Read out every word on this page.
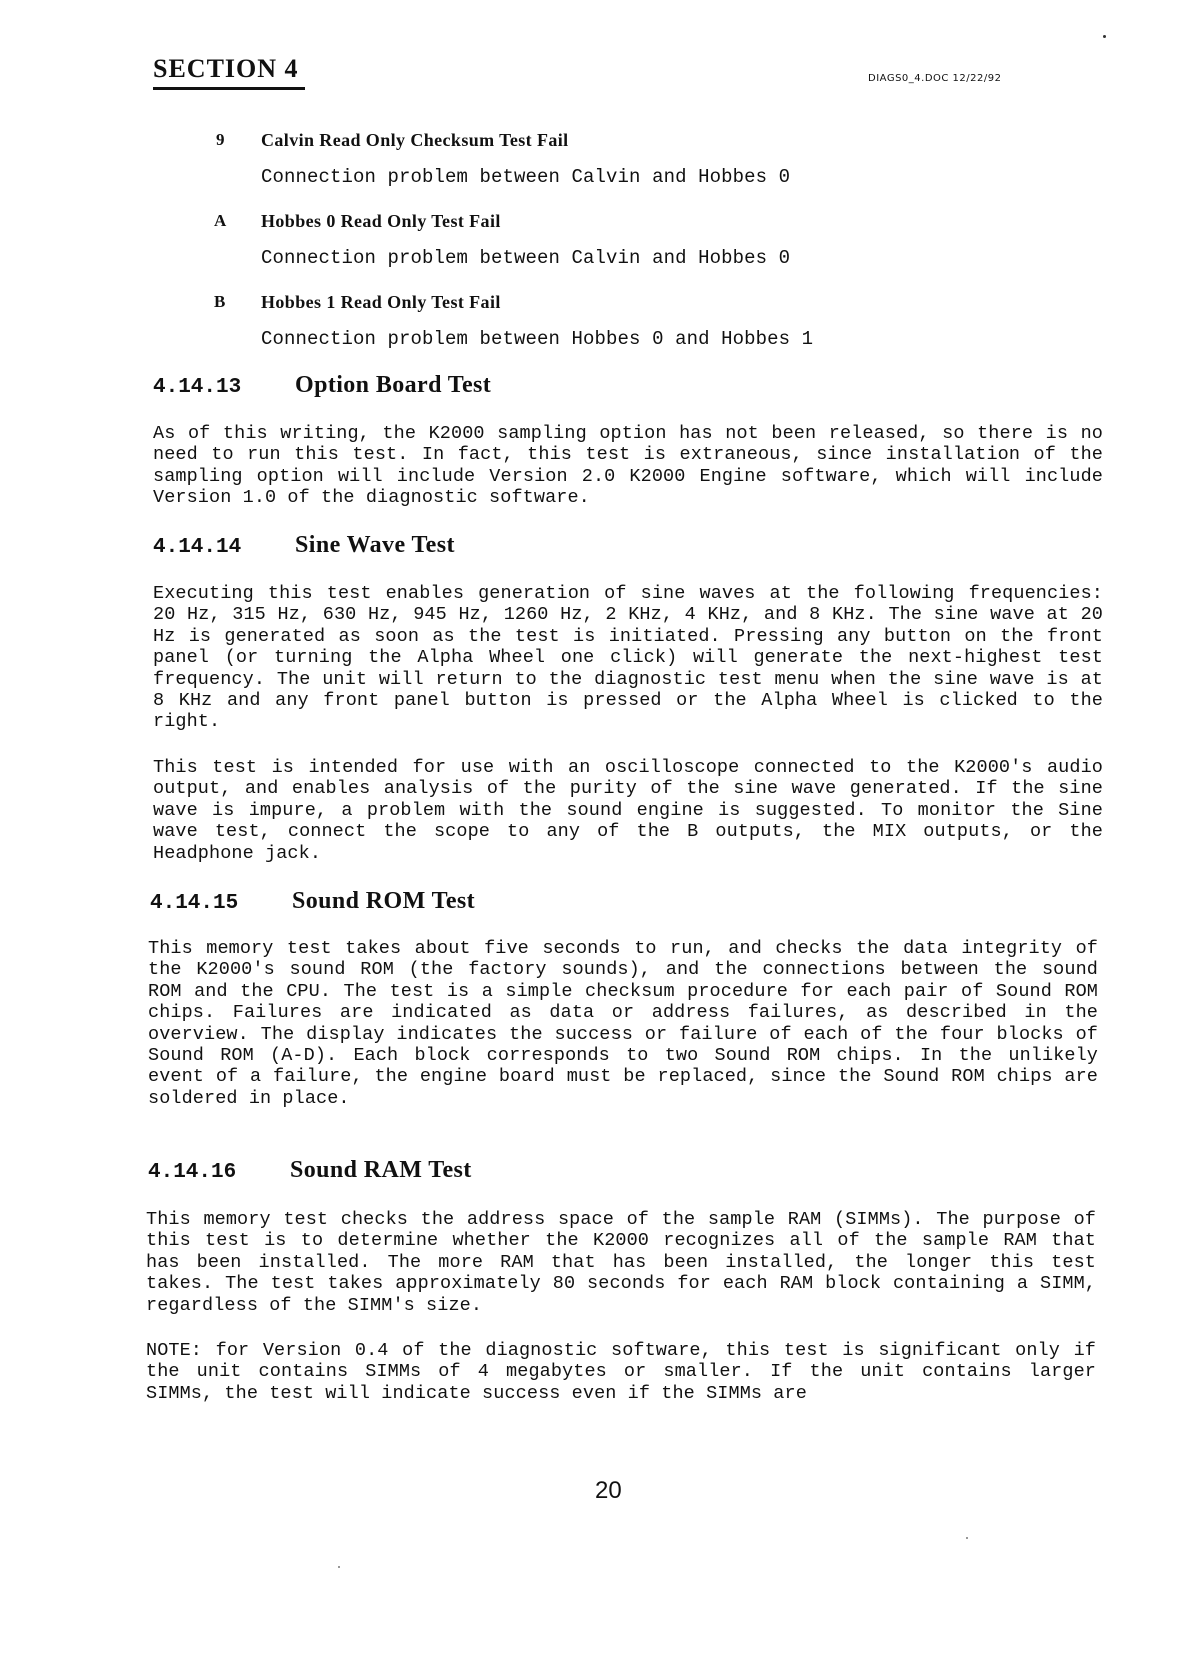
SECTION 4	DIAGS0_4.DOC 12/22/92
9 Calvin Read Only Checksum Test Fail
Connection problem between Calvin and Hobbes 0
A Hobbes 0 Read Only Test Fail
Connection problem between Calvin and Hobbes 0
B Hobbes 1 Read Only Test Fail
Connection problem between Hobbes 0 and Hobbes 1
4.14.13	Option Board Test

As of this writing, the K2000 sampling option has not been released, so there is no need to run this test. In fact, this test is extraneous, since installation of the sampling option will include Version 2.0 K2000 Engine software, which will include Version 1.0 of the diagnostic software.

4.14.14	Sine Wave Test

Executing this test enables generation of sine waves at the following frequencies: 20 Hz, 315 Hz, 630 Hz, 945 Hz, 1260 Hz, 2 KHz, 4 KHz, and 8 KHz. The sine wave at 20 Hz is generated as soon as the test is initiated. Pressing any button on the front panel (or turning the Alpha Wheel one click) will generate the next-highest test frequency. The unit will return to the diagnostic test menu when the sine wave is at 8 KHz and any front panel button is pressed or the Alpha Wheel is clicked to the right.

This test is intended for use with an oscilloscope connected to the K2000's audio output, and enables analysis of the purity of the sine wave generated. If the sine wave is impure, a problem with the sound engine is suggested. To monitor the Sine wave test, connect the scope to any of the B outputs, the MIX outputs, or the Headphone jack.

4.14.15	Sound ROM Test

This memory test takes about five seconds to run, and checks the data integrity of the K2000's sound ROM (the factory sounds), and the connections between the sound ROM and the CPU. The test is a simple checksum procedure for each pair of Sound ROM chips. Failures are indicated as data or address failures, as described in the overview. The display indicates the success or failure of each of the four blocks of Sound ROM (A-D). Each block corresponds to two Sound ROM chips. In the unlikely event of a failure, the engine board must be replaced, since the Sound ROM chips are soldered in place.

4.14.16	Sound RAM Test

This memory test checks the address space of the sample RAM (SIMMs). The purpose of this test is to determine whether the K2000 recognizes all of the sample RAM that has been installed. The more RAM that has been installed, the longer this test takes. The test takes approximately 80 seconds for each RAM block containing a SIMM, regardless of the SIMM's size.

NOTE: for Version 0.4 of the diagnostic software, this test is significant only if the unit contains SIMMs of 4 megabytes or smaller. If the unit contains larger SIMMs, the test will indicate success even if the SIMMs are

20
